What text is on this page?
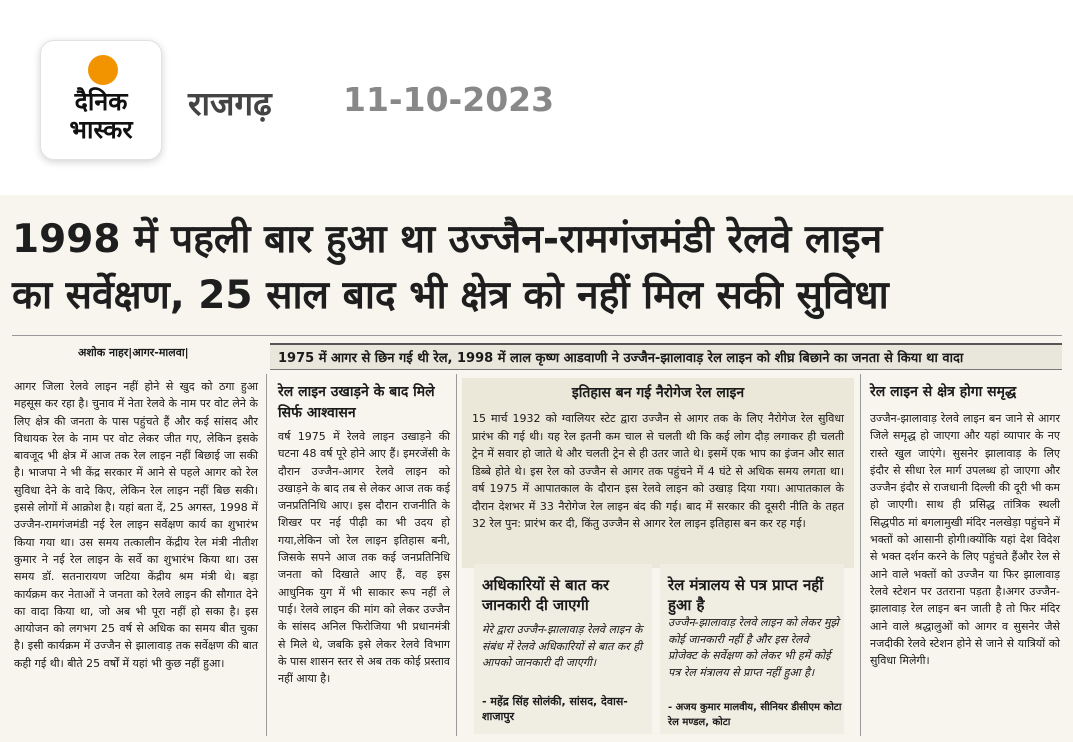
दैनिक
भास्कर
राजगढ़ 11-10-2023
1998 में पहली बार हुआ था उज्जैन-रामगंजमंडी रेलवे लाइन
का सर्वेक्षण, 25 साल बाद भी क्षेत्र को नहीं मिल सकी सुविधा
अशोक नाहर|आगर-मालवा|	1975 में आगर से छिन गई थी रेल, 1998 में लाल कृष्ण आडवाणी ने उज्जैन-झालावाड़ रेल लाइन को शीघ्र बिछाने का जनता से किया था वादा
आगर जिला रेलवे लाइन नहीं होने से खुद को ठगा हुआ महसूस कर रहा है। चुनाव में नेता रेलवे के नाम पर वोट लेने के लिए क्षेत्र की जनता के पास पहुंचते हैं और कई सांसद और विधायक रेल के नाम पर वोट लेकर जीत गए, लेकिन इसके बावजूद भी क्षेत्र में आज तक रेल लाइन नहीं बिछाई जा सकी है। भाजपा ने भी केंद्र सरकार में आने से पहले आगर को रेल सुविधा देने के वादे किए, लेकिन रेल लाइन नहीं बिछ सकी। इससे लोगों में आक्रोश है। यहां बता दें, 25 अगस्त, 1998 में उज्जैन-रामगंजमंडी नई रेल लाइन सर्वेक्षण कार्य का शुभारंभ किया गया था। उस समय तत्कालीन केंद्रीय रेल मंत्री नीतीश कुमार ने नई रेल लाइन के सर्वे का शुभारंभ किया था। उस समय डॉ. सतनारायण जटिया केंद्रीय श्रम मंत्री थे। बड़ा कार्यक्रम कर नेताओं ने जनता को रेलवे लाइन की सौगात देने का वादा किया था, जो अब भी पूरा नहीं हो सका है। इस आयोजन को लगभग 25 वर्ष से अधिक का समय बीत चुका है। इसी कार्यक्रम में उज्जैन से झालावाड़ तक सर्वेक्षण की बात कही गई थी। बीते 25 वर्षों में यहां भी कुछ नहीं हुआ।
रेल लाइन उखाड़ने के बाद मिले सिर्फ आश्वासन
वर्ष 1975 में रेलवे लाइन उखाड़ने की घटना 48 वर्ष पूरे होने आए हैं। इमरजेंसी के दौरान उज्जैन-आगर रेलवे लाइन को उखाड़ने के बाद तब से लेकर आज तक कई जनप्रतिनिधि आए। इस दौरान राजनीति के शिखर पर नई पीढ़ी का भी उदय हो गया,लेकिन जो रेल लाइन इतिहास बनी, जिसके सपने आज तक कई जनप्रतिनिधि जनता को दिखाते आए हैं, वह इस आधुनिक युग में भी साकार रूप नहीं ले पाई। रेलवे लाइन की मांग को लेकर उज्जैन के सांसद अनिल फिरोजिया भी प्रधानमंत्री से मिले थे, जबकि इसे लेकर रेलवे विभाग के पास शासन स्तर से अब तक कोई प्रस्ताव नहीं आया है।
इतिहास बन गई नैरोगेज रेल लाइन
15 मार्च 1932 को ग्वालियर स्टेट द्वारा उज्जैन से आगर तक के लिए नैरोगेज रेल सुविधा प्रारंभ की गई थी। यह रेल इतनी कम चाल से चलती थी कि कई लोग दौड़ लगाकर ही चलती ट्रेन में सवार हो जाते थे और चलती ट्रेन से ही उतर जाते थे। इसमें एक भाप का इंजन और सात डिब्बे होते थे। इस रेल को उज्जैन से आगर तक पहुंचने में 4 घंटे से अधिक समय लगता था। वर्ष 1975 में आपातकाल के दौरान इस रेलवे लाइन को उखाड़ दिया गया। आपातकाल के दौरान देशभर में 33 नैरोगेज रेल लाइन बंद की गई। बाद में सरकार की दूसरी नीति के तहत 32 रेल पुन: प्रारंभ कर दी, किंतु उज्जैन से आगर रेल लाइन इतिहास बन कर रह गई।
अधिकारियों से बात कर जानकारी दी जाएगी
मेरे द्वारा उज्जैन-झालावाड़ रेलवे लाइन के संबंध में रेलवे अधिकारियों से बात कर ही आपको जानकारी दी जाएगी।
- महेंद्र सिंह सोलंकी, सांसद, देवास-शाजापुर
रेल मंत्रालय से पत्र प्राप्त नहीं हुआ है
उज्जैन-झालावाड़ रेलवे लाइन को लेकर मुझे कोई जानकारी नहीं है और इस रेलवे प्रोजेक्ट के सर्वेक्षण को लेकर भी हमें कोई पत्र रेल मंत्रालय से प्राप्त नहीं हुआ है।
- अजय कुमार मालवीय, सीनियर डीसीएम कोटा रेल मण्डल, कोटा
रेल लाइन से क्षेत्र होगा समृद्ध
उज्जैन-झालावाड़ रेलवे लाइन बन जाने से आगर जिले समृद्ध हो जाएगा और यहां व्यापार के नए रास्ते खुल जाएंगे। सुसनेर झालावाड़ के लिए इंदौर से सीधा रेल मार्ग उपलब्ध हो जाएगा और उज्जैन इंदौर से राजधानी दिल्ली की दूरी भी कम हो जाएगी। साथ ही प्रसिद्ध तांत्रिक स्थली सिद्धपीठ मां बगलामुखी मंदिर नलखेड़ा पहुंचने में भक्तों को आसानी होगी।क्योंकि यहां देश विदेश से भक्त दर्शन करने के लिए पहुंचते हैंऔर रेल से आने वाले भक्तों को उज्जैन या फिर झालावाड़ रेलवे स्टेशन पर उतराना पड़ता है।अगर उज्जैन-झालावाड़ रेल लाइन बन जाती है तो फिर मंदिर आने वाले श्रद्धालुओं को आगर व सुसनेर जैसे नजदीकी रेलवे स्टेशन होने से जाने से यात्रियों को सुविधा मिलेगी।
